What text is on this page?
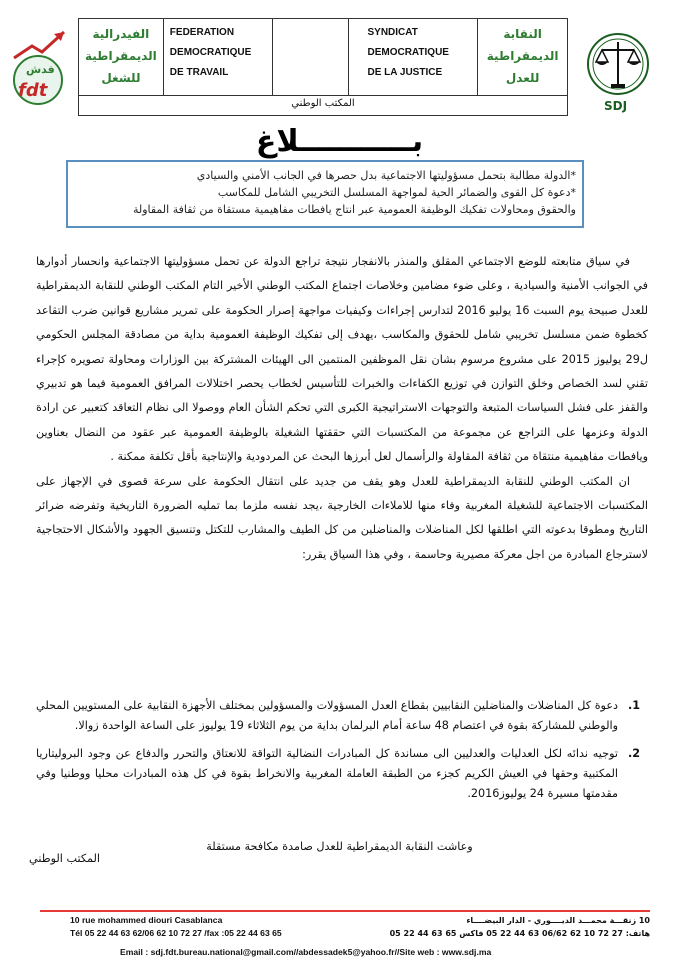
فدش
fdt
الفيدرالية
الديمقراطية
للشغل

FEDERATION
DEMOCRATIQUE
DE TRAVAIL

SYNDICAT
DEMOCRATIQUE
DE LA JUSTICE

النقابة
الديمقراطية
للعدل

المكتب الوطني	SDJ
بـــــــــــلاغ
*الدولة مطالبة بتحمل مسؤوليتها الاجتماعية بدل حصرها في الجانب الأمني والسيادي
*دعوة كل القوى والضمائر الحية لمواجهة المسلسل التخريبي الشامل للمكاسب
والحقوق ومحاولات تفكيك الوظيفة العمومية عبر انتاج يافطات مفاهيمية مستقاة من ثقافة المقاولة

في سياق متابعته للوضع الاجتماعي المقلق والمنذر بالانفجار نتيجة تراجع الدولة عن تحمل مسؤوليتها الاجتماعية وانحسار أدوارها في الجوانب الأمنية والسيادية ، وعلى ضوء مضامين وخلاصات اجتماع المكتب الوطني الأخير التام المكتب الوطني للنقابة الديمقراطية للعدل صبيحة يوم السبت 16 يوليو 2016 لتدارس إجراءات وكيفيات مواجهة إصرار الحكومة على تمرير مشاريع قوانين ضرب التقاعد كخطوة ضمن مسلسل تخريبي شامل للحقوق والمكاسب ،يهدف إلى تفكيك الوظيفة العمومية بداية من مصادقة المجلس الحكومي ل29 يوليوز 2015 على مشروع مرسوم بشان نقل الموظفين المنتمين الى الهيئات المشتركة بين الوزارات ومحاولة تصويره كإجراء تقني لسد الخصاص وخلق التوازن في توزيع الكفاءات والخبرات للتأسيس لخطاب يحصر اختلالات المرافق العمومية فيما هو تدبيري والقفز على فشل السياسات المتبعة والتوجهات الاستراتيجية الكبرى التي تحكم الشأن العام ووصولا الى نظام التعاقد كتعبير عن ارادة الدولة وعزمها على التراجع عن مجموعة من المكتسبات التي حققتها الشغيلة بالوظيفة العمومية عبر عقود من النضال بعناوين ويافطات مفاهيمية منتقاة من ثقافة المقاولة والرأسمال لعل أبرزها البحث عن المردودية والإنتاجية بأقل تكلفة ممكنة .

ان المكتب الوطني للنقابة الديمقراطية للعدل وهو يقف من جديد على انتقال الحكومة على سرعة قصوى في الإجهاز على المكتسبات الاجتماعية للشغيلة المغربية وفاء منها للاملاءات الخارجية ،يجد نفسه ملزما بما تمليه الضرورة التاريخية وتفرضه ضرائر التاريخ ومطوقا بدعوته التي اطلقها لكل المناضلات والمناضلين من كل الطيف والمشارب للتكتل وتنسيق الجهود والأشكال الاحتجاجية لاسترجاع المبادرة من اجل معركة مصيرية وحاسمة ، وفي هذا السياق يقرر:

1.
دعوة كل المناضلات والمناضلين النقابيين بقطاع العدل المسؤولات والمسؤولين بمختلف الأجهزة النقابية على المستويين المحلي والوطني للمشاركة بقوة في اعتصام 48 ساعة أمام البرلمان بداية من يوم الثلاثاء 19 يوليوز على الساعة الواحدة زوالا.
2.
توجيه ندائه لكل العدليات والعدليين الى مساندة كل المبادرات النضالية التواقة للانعتاق والتحرر والدفاع عن وجود البروليتاريا المكتبية وحقها في العيش الكريم كجزء من الطبقة العاملة المغربية والانخراط بقوة في كل هذه المبادرات محليا ووطنيا وفي مقدمتها مسيرة 24 يوليوز2016.
وعاشت النقابة الديمقراطية للعدل صامدة مكافحة مستقلة
المكتب الوطني
10 rue mohammed diouri Casablanca
Tél 05 22 44 63 62/06 62 10 72 27 /fax :05 22 44 63 65
10 زنقـــة محمـــد الديــــوري - الدار البيضــــاء
هاتف: 27 72 10 62 06/62 63 44 22 05 فاكس 65 63 44 22 05
Email : sdj.fdt.bureau.national@gmail.com//abdessadek5@yahoo.fr//Site web : www.sdj.ma
